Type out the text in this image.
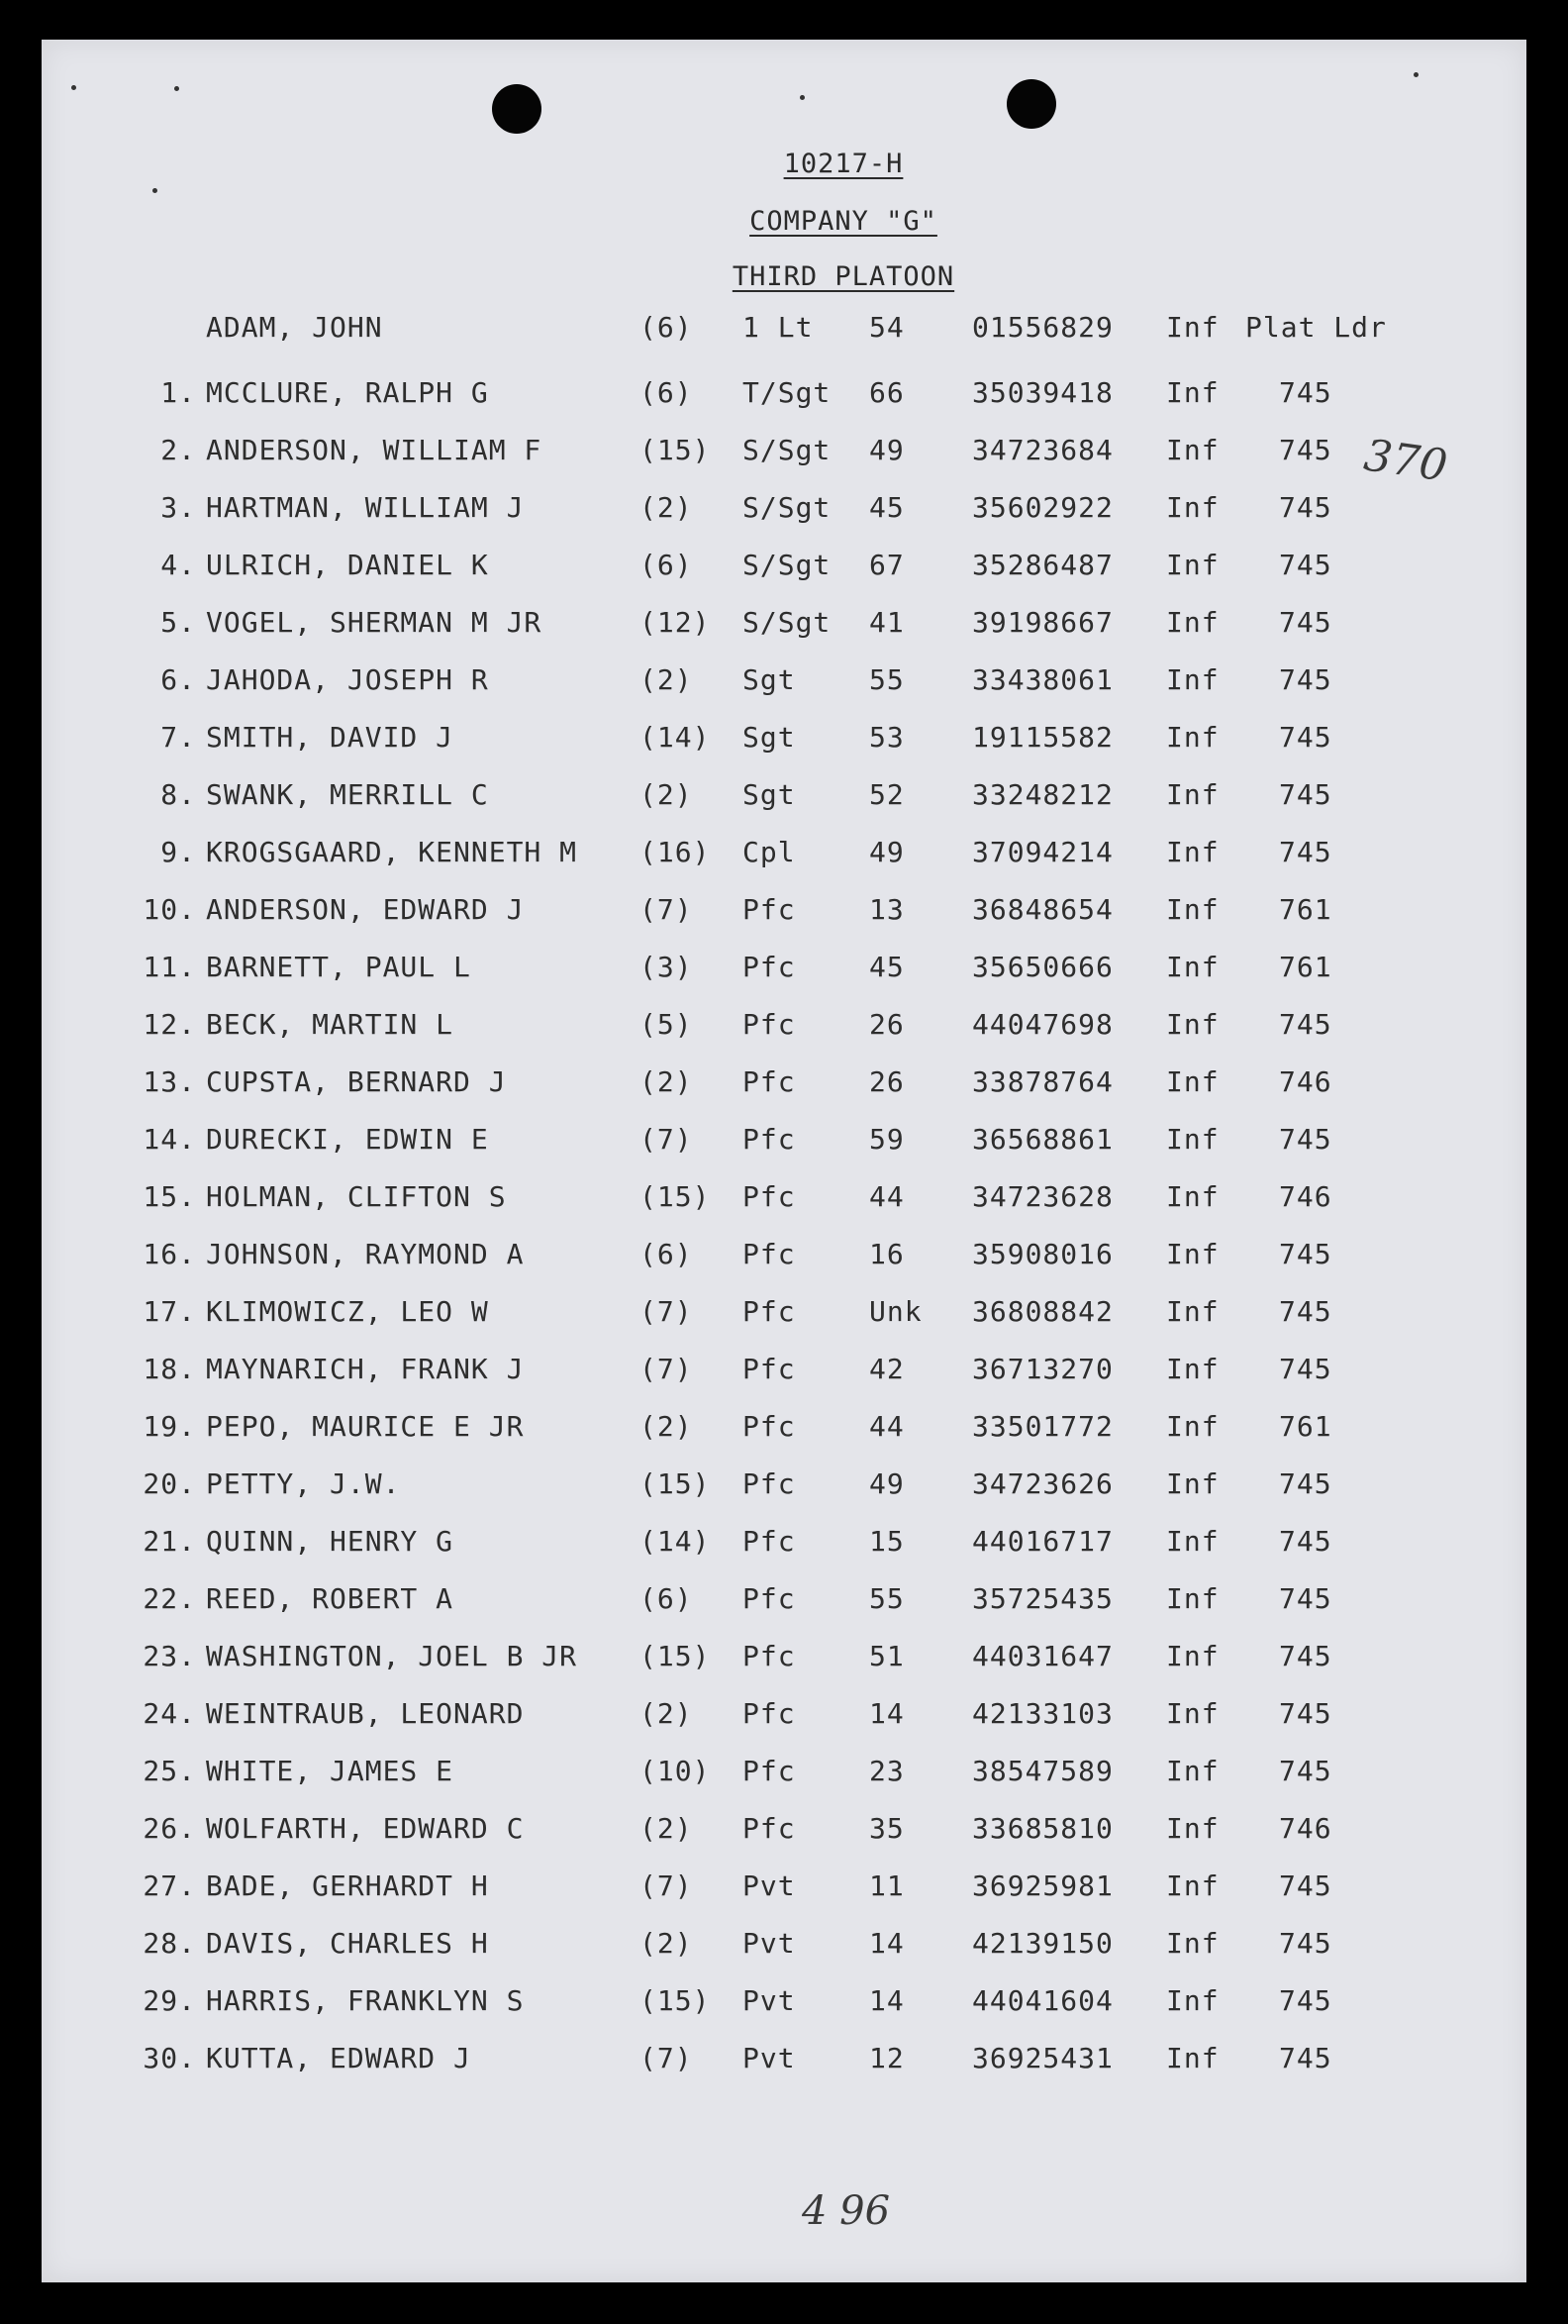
10217-H
COMPANY "G"
THIRD PLATOON
ADAM, JOHN	(6) 1 Lt 54 01556829 Inf Plat Ldr
1. MCCLURE, RALPH G	(6) T/Sgt 66 35039418 Inf 745
2. ANDERSON, WILLIAM F	(15) S/Sgt 49 34723684 Inf 745
3. HARTMAN, WILLIAM J	(2) S/Sgt 45 35602922 Inf 745
4. ULRICH, DANIEL K	(6) S/Sgt 67 35286487 Inf 745
5. VOGEL, SHERMAN M JR	(12) S/Sgt 41 39198667 Inf 745
6. JAHODA, JOSEPH R	(2) Sgt	55 33438061 Inf 745
7. SMITH, DAVID J	(14) Sgt	53 19115582 Inf 745
8. SWANK, MERRILL C	(2) Sgt	52 33248212 Inf 745
9. KROGSGAARD, KENNETH M (16) Cpl	49 37094214 Inf 745
10. ANDERSON, EDWARD J	(7) Pfc	13 36848654 Inf 761
11. BARNETT, PAUL L	(3) Pfc	45 35650666 Inf 761
12. BECK, MARTIN L	(5) Pfc	26 44047698 Inf 745
13. CUPSTA, BERNARD J	(2) Pfc	26 33878764 Inf 746
14. DURECKI, EDWIN E	(7) Pfc	59 36568861 Inf 745
15. HOLMAN, CLIFTON S	(15) Pfc	44 34723628 Inf 746
16. JOHNSON, RAYMOND A	(6) Pfc	16 35908016 Inf 745
17. KLIMOWICZ, LEO W	(7) Pfc	Unk 36808842 Inf 745
18. MAYNARICH, FRANK J	(7) Pfc	42 36713270 Inf 745
19. PEPO, MAURICE E JR	(2) Pfc	44 33501772 Inf 761
20. PETTY, J.W.	(15) Pfc	49 34723626 Inf 745
21. QUINN, HENRY G	(14) Pfc	15 44016717 Inf 745
22. REED, ROBERT A	(6) Pfc	55 35725435 Inf 745
23. WASHINGTON, JOEL B JR (15) Pfc	51 44031647 Inf 745
24. WEINTRAUB, LEONARD	(2) Pfc	14 42133103 Inf 745
25. WHITE, JAMES E	(10) Pfc	23 38547589 Inf 745
26. WOLFARTH, EDWARD C	(2) Pfc	35 33685810 Inf 746
27. BADE, GERHARDT H	(7) Pvt	11 36925981 Inf 745
28. DAVIS, CHARLES H	(2) Pvt	14 42139150 Inf 745
29. HARRIS, FRANKLYN S	(15) Pvt	14 44041604 Inf 745
30. KUTTA, EDWARD J	(7) Pvt	12 36925431 Inf 745
370
4 96
